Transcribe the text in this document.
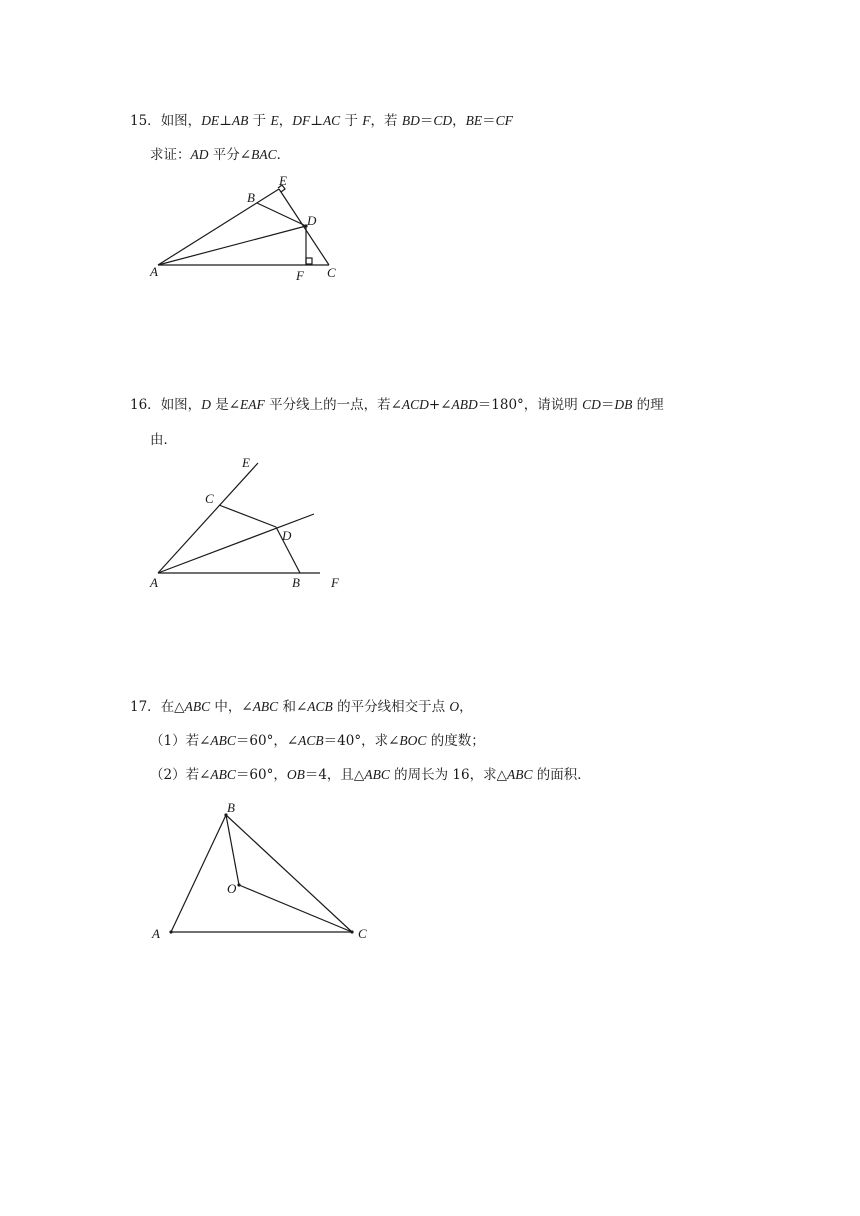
15．如图，DE⊥AB 于 E，DF⊥AC 于 F，若 BD＝CD，BE＝CF
求证：AD 平分∠BAC．
E
B
D
A	F C
16．如图，D 是∠EAF 平分线上的一点，若∠ACD+∠ABD＝180°，请说明 CD＝DB 的理
由．
E
C
D
A	B F
17．在△ABC 中，∠ABC 和∠ACB 的平分线相交于点 O，
（1）若∠ABC＝60°，∠ACB＝40°，求∠BOC 的度数；
（2）若∠ABC＝60°，OB＝4，且△ABC 的周长为 16，求△ABC 的面积．
B
O
A	C
